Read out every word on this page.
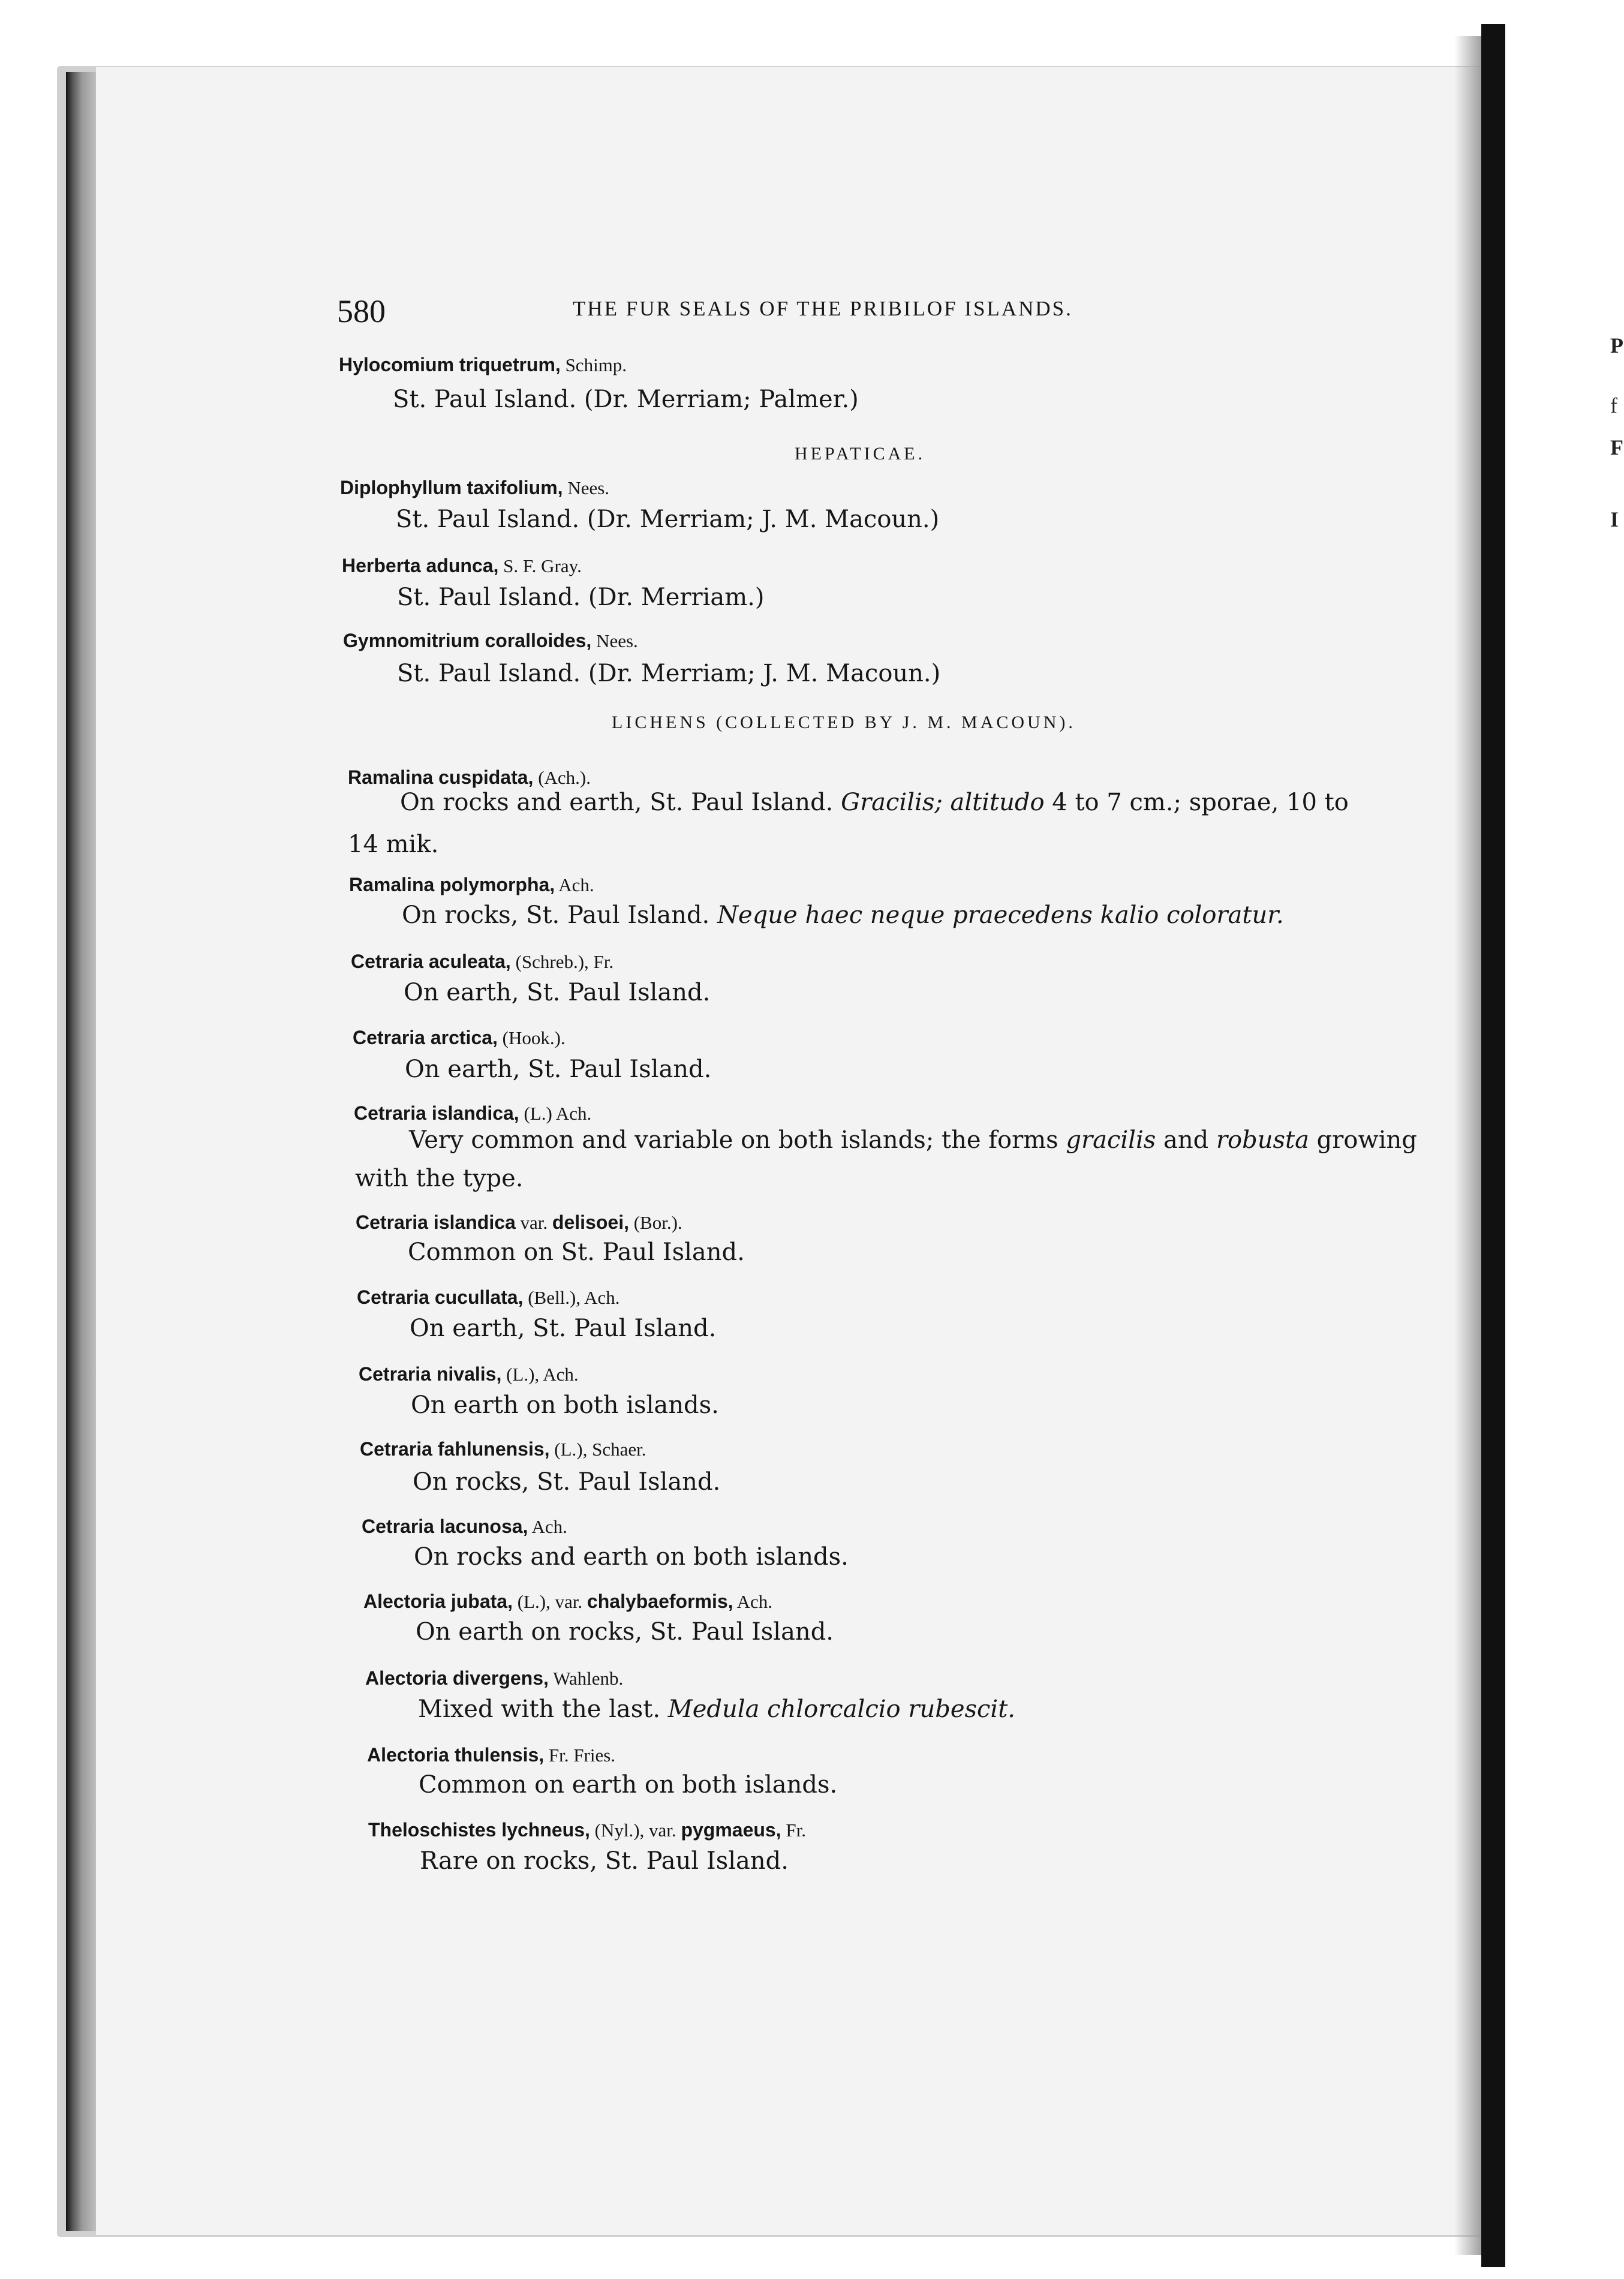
P
f
F
I
580	THE FUR SEALS OF THE PRIBILOF ISLANDS.
Hylocomium triquetrum, Schimp.
St. Paul Island. (Dr. Merriam; Palmer.)
HEPATICAE.
Diplophyllum taxifolium, Nees.
St. Paul Island. (Dr. Merriam; J. M. Macoun.)
Herberta adunca, S. F. Gray.
St. Paul Island. (Dr. Merriam.)
Gymnomitrium coralloides, Nees.
St. Paul Island. (Dr. Merriam; J. M. Macoun.)
LICHENS (COLLECTED BY J. M. MACOUN).
Ramalina cuspidata, (Ach.).
On rocks and earth, St. Paul Island. Gracilis; altitudo 4 to 7 cm.; sporae, 10 to
14 mik.
Ramalina polymorpha, Ach.
On rocks, St. Paul Island. Neque haec neque praecedens kalio coloratur.
Cetraria aculeata, (Schreb.), Fr.
On earth, St. Paul Island.
Cetraria arctica, (Hook.).
On earth, St. Paul Island.
Cetraria islandica, (L.) Ach.
Very common and variable on both islands; the forms gracilis and robusta growing
with the type.
Cetraria islandica var. delisoei, (Bor.).
Common on St. Paul Island.
Cetraria cucullata, (Bell.), Ach.
On earth, St. Paul Island.
Cetraria nivalis, (L.), Ach.
On earth on both islands.
Cetraria fahlunensis, (L.), Schaer.
On rocks, St. Paul Island.
Cetraria lacunosa, Ach.
On rocks and earth on both islands.
Alectoria jubata, (L.), var. chalybaeformis, Ach.
On earth on rocks, St. Paul Island.
Alectoria divergens, Wahlenb.
Mixed with the last. Medula chlorcalcio rubescit.
Alectoria thulensis, Fr. Fries.
Common on earth on both islands.
Theloschistes lychneus, (Nyl.), var. pygmaeus, Fr.
Rare on rocks, St. Paul Island.
